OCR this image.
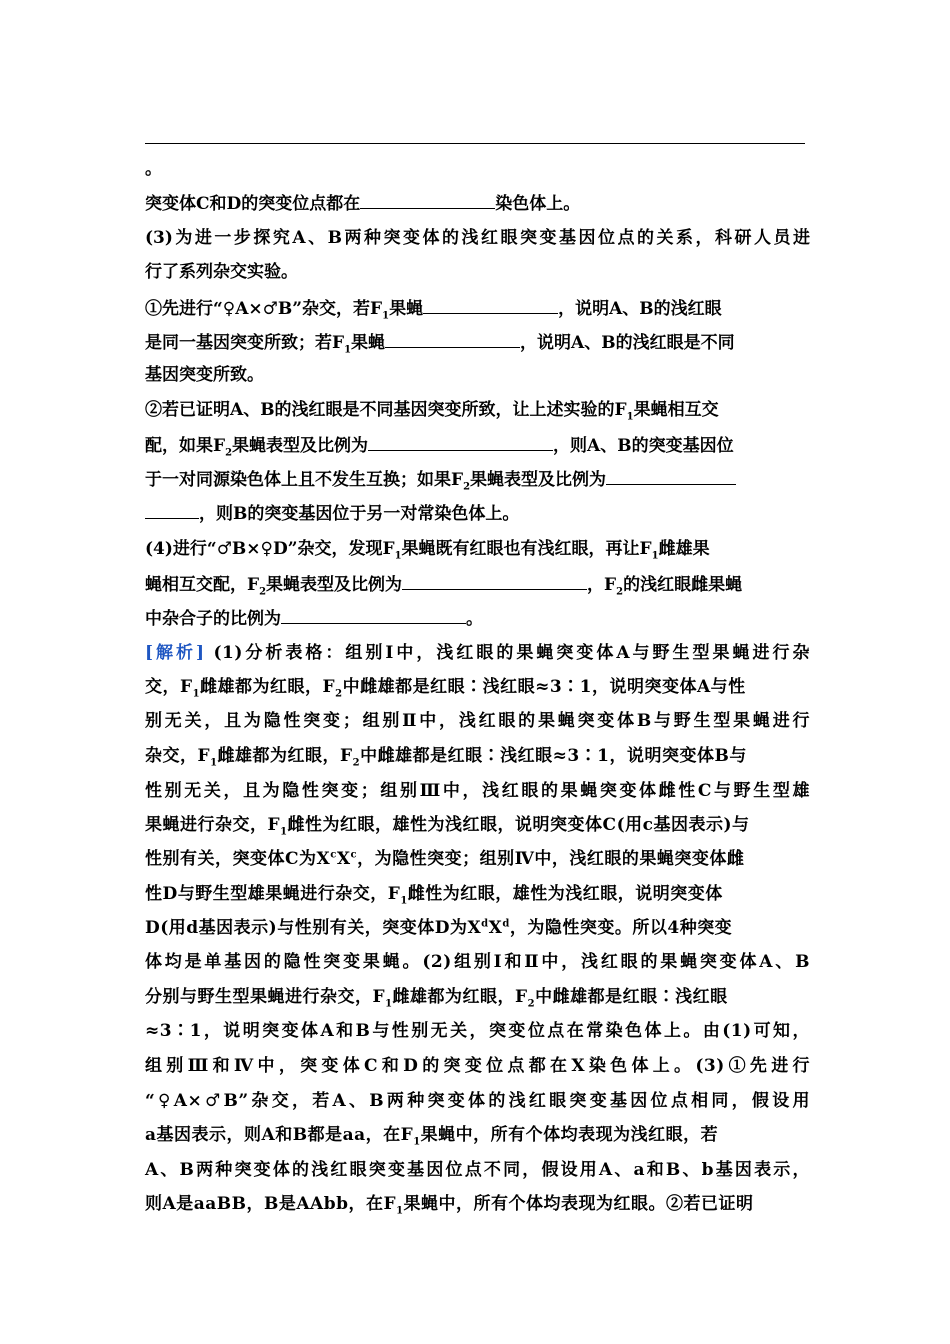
。
突变体C和D的突变位点都在	染色体上。
(3)为进一步探究A、B两种突变体的浅红眼突变基因位点的关系，科研人员进
行了系列杂交实验。
①先进行“♀A×♂B”杂交，若$F_1$果蝇	，说明A、B的浅红眼
是同一基因突变所致；若$F_1$果蝇	，说明A、B的浅红眼是不同
基因突变所致。
②若已证明A、B的浅红眼是不同基因突变所致，让上述实验的$F_1$果蝇相互交
配，如果$F_2$果蝇表型及比例为	，则A、B的突变基因位
于一对同源染色体上且不发生互换；如果$F_2$果蝇表型及比例为
，则B的突变基因位于另一对常染色体上。
(4)进行“♂B×♀D”杂交，发现$F_1$果蝇既有红眼也有浅红眼，再让$F_1$雌雄果
蝇相互交配，$F_2$果蝇表型及比例为	，$F_2$的浅红眼雌果蝇
中杂合子的比例为	。
[解析] (1)分析表格：组别Ⅰ中，浅红眼的果蝇突变体A与野生型果蝇进行杂
交，$F_1$雌雄都为红眼，$F_2$中雌雄都是红眼∶浅红眼≈3∶1，说明突变体A与性
别无关，且为隐性突变；组别Ⅱ中，浅红眼的果蝇突变体B与野生型果蝇进行
杂交，$F_1$雌雄都为红眼，$F_2$中雌雄都是红眼∶浅红眼≈3∶1，说明突变体B与
性别无关，且为隐性突变；组别Ⅲ中，浅红眼的果蝇突变体雌性C与野生型雄
果蝇进行杂交，$F_1$雌性为红眼，雄性为浅红眼，说明突变体C(用c基因表示)与
性别有关，突变体C为$X^cX^c$，为隐性突变；组别Ⅳ中，浅红眼的果蝇突变体雌
性D与野生型雄果蝇进行杂交，$F_1$雌性为红眼，雄性为浅红眼，说明突变体
D(用d基因表示)与性别有关，突变体D为$X^dX^d$，为隐性突变。所以4种突变
体均是单基因的隐性突变果蝇。(2)组别Ⅰ和Ⅱ中，浅红眼的果蝇突变体A、B
分别与野生型果蝇进行杂交，$F_1$雌雄都为红眼，$F_2$中雌雄都是红眼∶浅红眼
≈3∶1，说明突变体A和B与性别无关，突变位点在常染色体上。由(1)可知，
组别Ⅲ和Ⅳ中，突变体C和D的突变位点都在X染色体上。(3)①先进行
“♀A×♂B”杂交，若A、B两种突变体的浅红眼突变基因位点相同，假设用
a基因表示，则A和B都是aa，在$F_1$果蝇中，所有个体均表现为浅红眼，若
A、B两种突变体的浅红眼突变基因位点不同，假设用A、a和B、b基因表示，
则A是aaBB，B是AAbb，在$F_1$果蝇中，所有个体均表现为红眼。②若已证明
